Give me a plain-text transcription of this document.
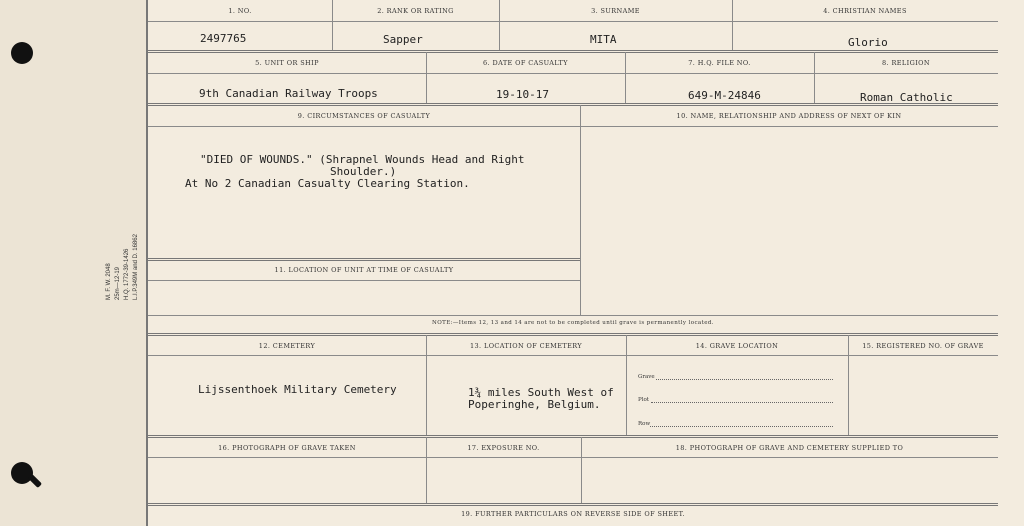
M. F. W. 2048 25m—12-19 H.Q. 1772-39-1426 L.I.P.349M and D. 16862
1. NO.	2. RANK OR RATING	3. SURNAME	4. CHRISTIAN NAMES
2497765	Sapper	MITA	Glorio
5. UNIT OR SHIP	6. DATE OF CASUALTY	7. H.Q. FILE NO.	8. RELIGION
9th Canadian Railway Troops	19-10-17	649-M-24846	Roman Catholic
9. CIRCUMSTANCES OF CASUALTY	10. NAME, RELATIONSHIP AND ADDRESS OF NEXT OF KIN
"DIED OF WOUNDS." (Shrapnel Wounds Head and Right
Shoulder.)
At No 2 Canadian Casualty Clearing Station.
11. LOCATION OF UNIT AT TIME OF CASUALTY
NOTE:—Items 12, 13 and 14 are not to be completed until grave is permanently located.
12. CEMETERY	13. LOCATION OF CEMETERY	14. GRAVE LOCATION	15. REGISTERED NO. OF GRAVE
Lijssenthoek Military Cemetery	1¾ miles South West of
Poperinghe, Belgium.
Grave
Plot
Row
16. PHOTOGRAPH OF GRAVE TAKEN	17. EXPOSURE NO.	18. PHOTOGRAPH OF GRAVE AND CEMETERY SUPPLIED TO
19. FURTHER PARTICULARS ON REVERSE SIDE OF SHEET.
